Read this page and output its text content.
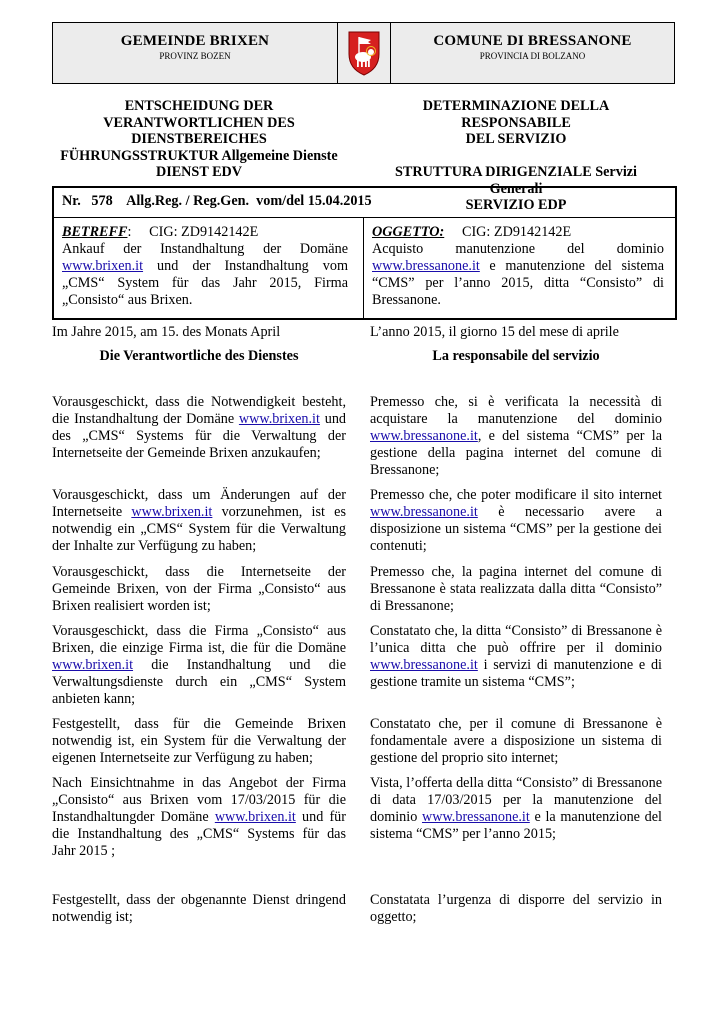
GEMEINDE BRIXEN
PROVINZ BOZEN
COMUNE DI BRESSANONE
PROVINCIA DI BOLZANO
ENTSCHEIDUNG DER
VERANTWORTLICHEN DES
DIENSTBEREICHES
FÜHRUNGSSTRUKTUR Allgemeine Dienste
DIENST EDV
DETERMINAZIONE DELLA RESPONSABILE
DEL SERVIZIO
STRUTTURA DIRIGENZIALE Servizi Generali
SERVIZIO EDP
Nr.   578    Allg.Reg. / Reg.Gen.  vom/del 15.04.2015
BETREFF:     CIG: ZD9142142E
Ankauf der Instandhaltung der Domäne www.brixen.it und der Instandhaltung vom „CMS“ System für das Jahr 2015, Firma „Consisto“ aus Brixen.
OGGETTO:     CIG: ZD9142142E
Acquisto manutenzione del dominio www.bressanone.it e manutenzione del sistema “CMS” per l’anno 2015, ditta “Consisto” di Bressanone.
Im Jahre 2015, am 15. des Monats April	L’anno 2015, il giorno 15 del mese di aprile
Die Verantwortliche des Dienstes	La responsabile del servizio

Vorausgeschickt, dass die Notwendigkeit besteht, die Instandhaltung der Domäne www.brixen.it und des „CMS“ Systems für die Verwaltung der Internetseite der Gemeinde Brixen anzukaufen;

Premesso che, si è verificata la necessità di acquistare la manutenzione del dominio www.bressanone.it, e del sistema “CMS” per la gestione della pagina internet del comune di Bressanone;

Vorausgeschickt, dass um Änderungen auf der Internetseite www.brixen.it vorzunehmen, ist es notwendig ein „CMS“ System für die Verwaltung der Inhalte zur Verfügung zu haben;

Premesso che, che poter modificare il sito internet www.bressanone.it è necessario avere a disposizione un sistema “CMS” per la gestione dei contenuti;

Vorausgeschickt, dass die Internetseite der Gemeinde Brixen, von der Firma „Consisto“ aus Brixen realisiert worden ist;

Premesso che, la pagina internet del comune di Bressanone è stata realizzata dalla ditta “Consisto” di Bressanone;

Vorausgeschickt, dass die Firma „Consisto“ aus Brixen, die einzige Firma ist, die für die Domäne www.brixen.it die Instandhaltung und die Verwaltungsdienste durch ein „CMS“ System anbieten kann;

Constatato che, la ditta “Consisto” di Bressanone è l’unica ditta che può offrire per il dominio www.bressanone.it i servizi di manutenzione e di gestione tramite un sistema “CMS”;

Festgestellt, dass für die Gemeinde Brixen notwendig ist, ein System für die Verwaltung der eigenen Internetseite zur Verfügung zu haben;

Constatato che, per il comune di Bressanone è fondamentale avere a disposizione un sistema di gestione del proprio sito internet;

Nach Einsichtnahme in das Angebot der Firma „Consisto“ aus Brixen vom 17/03/2015 für die Instandhaltungder Domäne www.brixen.it und für die Instandhaltung des „CMS“ Systems für das Jahr 2015 ;

Vista, l’offerta della ditta “Consisto” di Bressanone di data 17/03/2015 per la manutenzione del dominio www.bressanone.it e la manutenzione del sistema “CMS” per l’anno 2015;

Festgestellt, dass der obgenannte Dienst dringend notwendig ist;

Constatata l’urgenza di disporre del servizio in oggetto;
